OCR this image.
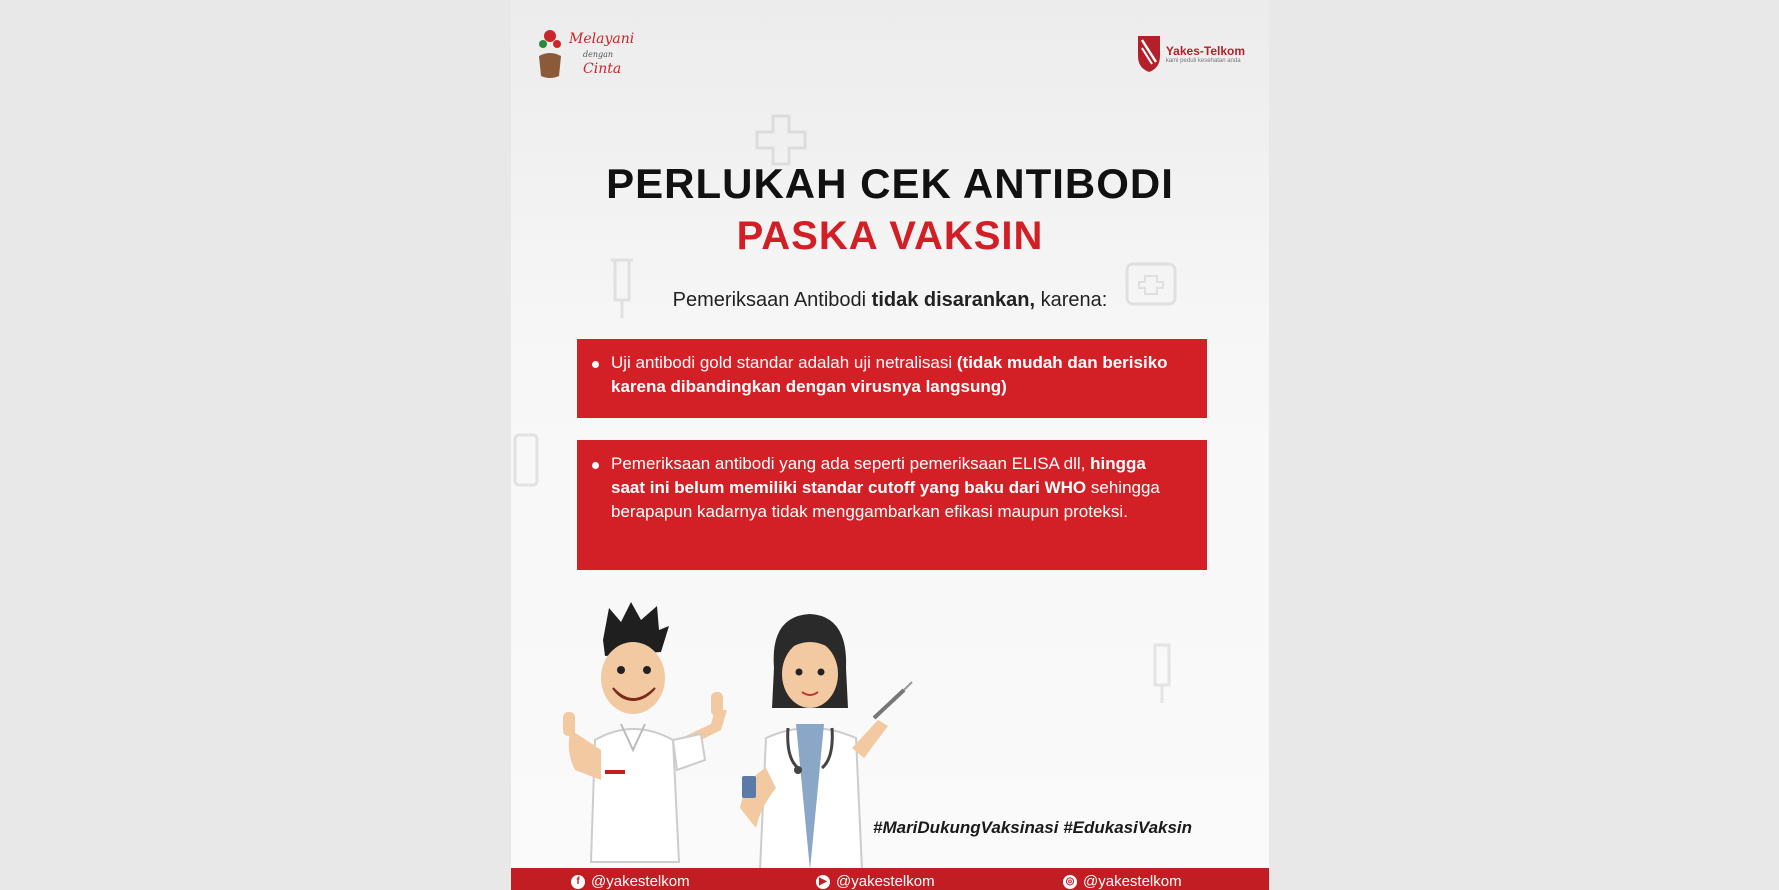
Melayani
dengan
Cinta
Yakes-Telkom
kami peduli kesehatan anda
PERLUKAH CEK ANTIBODI
PASKA VAKSIN
Pemeriksaan Antibodi tidak disarankan, karena:
Uji antibodi gold standar adalah uji netralisasi (tidak mudah dan berisiko karena dibandingkan dengan virusnya langsung)
Pemeriksaan antibodi yang ada seperti pemeriksaan ELISA dll, hingga saat ini belum memiliki standar cutoff yang baku dari WHO sehingga berapapun kadarnya tidak menggambarkan efikasi maupun proteksi.
#MariDukungVaksinasi #EdukasiVaksin
f @yakestelkom	▶ @yakestelkom	◎ @yakestelkom
